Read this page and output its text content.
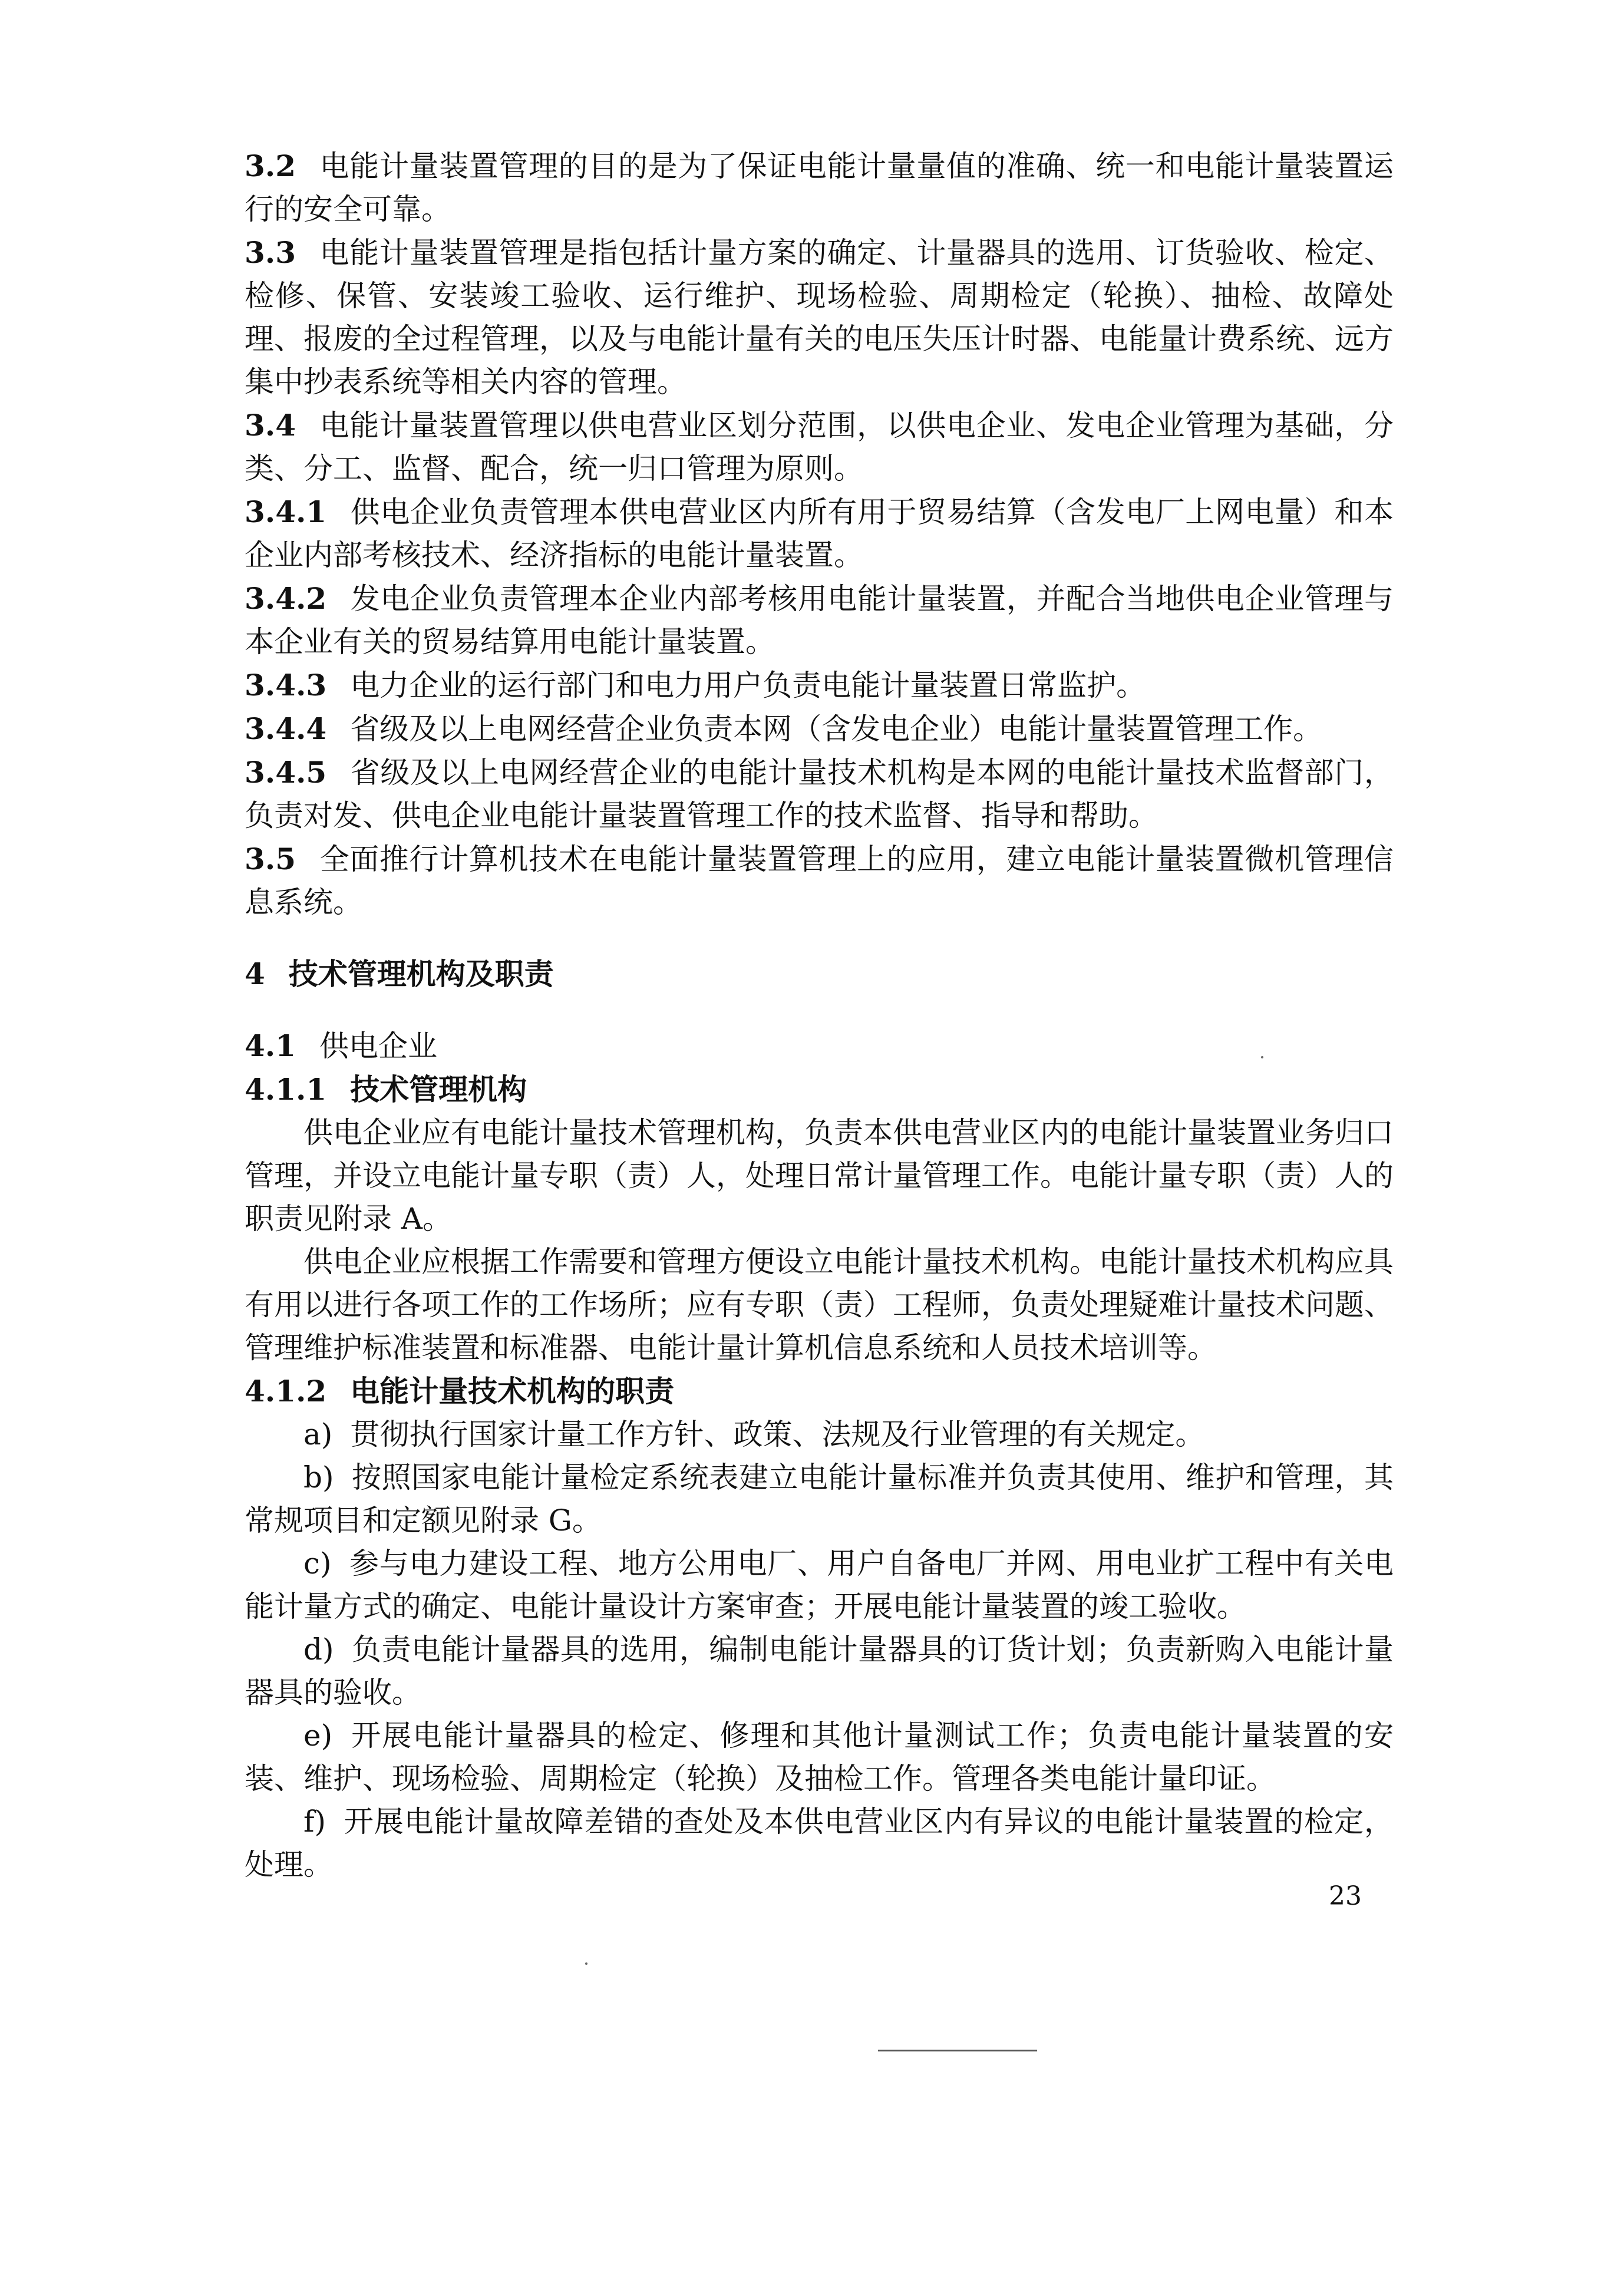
3.2 电能计量装置管理的目的是为了保证电能计量量值的准确、统一和电能计量装置运行的安全可靠。

3.3 电能计量装置管理是指包括计量方案的确定、计量器具的选用、订货验收、检定、检修、保管、安装竣工验收、运行维护、现场检验、周期检定（轮换）、抽检、故障处理、报废的全过程管理，以及与电能计量有关的电压失压计时器、电能量计费系统、远方集中抄表系统等相关内容的管理。

3.4 电能计量装置管理以供电营业区划分范围，以供电企业、发电企业管理为基础，分类、分工、监督、配合，统一归口管理为原则。

3.4.1 供电企业负责管理本供电营业区内所有用于贸易结算（含发电厂上网电量）和本企业内部考核技术、经济指标的电能计量装置。

3.4.2 发电企业负责管理本企业内部考核用电能计量装置，并配合当地供电企业管理与本企业有关的贸易结算用电能计量装置。

3.4.3 电力企业的运行部门和电力用户负责电能计量装置日常监护。

3.4.4 省级及以上电网经营企业负责本网（含发电企业）电能计量装置管理工作。

3.4.5 省级及以上电网经营企业的电能计量技术机构是本网的电能计量技术监督部门，负责对发、供电企业电能计量装置管理工作的技术监督、指导和帮助。

3.5 全面推行计算机技术在电能计量装置管理上的应用，建立电能计量装置微机管理信息系统。

4 技术管理机构及职责

4.1 供电企业

4.1.1 技术管理机构

供电企业应有电能计量技术管理机构，负责本供电营业区内的电能计量装置业务归口管理，并设立电能计量专职（责）人，处理日常计量管理工作。电能计量专职（责）人的职责见附录 A。

供电企业应根据工作需要和管理方便设立电能计量技术机构。电能计量技术机构应具有用以进行各项工作的工作场所；应有专职（责）工程师，负责处理疑难计量技术问题、管理维护标准装置和标准器、电能计量计算机信息系统和人员技术培训等。

4.1.2 电能计量技术机构的职责

a) 贯彻执行国家计量工作方针、政策、法规及行业管理的有关规定。

b) 按照国家电能计量检定系统表建立电能计量标准并负责其使用、维护和管理，其常规项目和定额见附录 G。

c) 参与电力建设工程、地方公用电厂、用户自备电厂并网、用电业扩工程中有关电能计量方式的确定、电能计量设计方案审查；开展电能计量装置的竣工验收。

d) 负责电能计量器具的选用，编制电能计量器具的订货计划；负责新购入电能计量器具的验收。

e) 开展电能计量器具的检定、修理和其他计量测试工作；负责电能计量装置的安装、维护、现场检验、周期检定（轮换）及抽检工作。管理各类电能计量印证。

f) 开展电能计量故障差错的查处及本供电营业区内有异议的电能计量装置的检定，处理。

23
